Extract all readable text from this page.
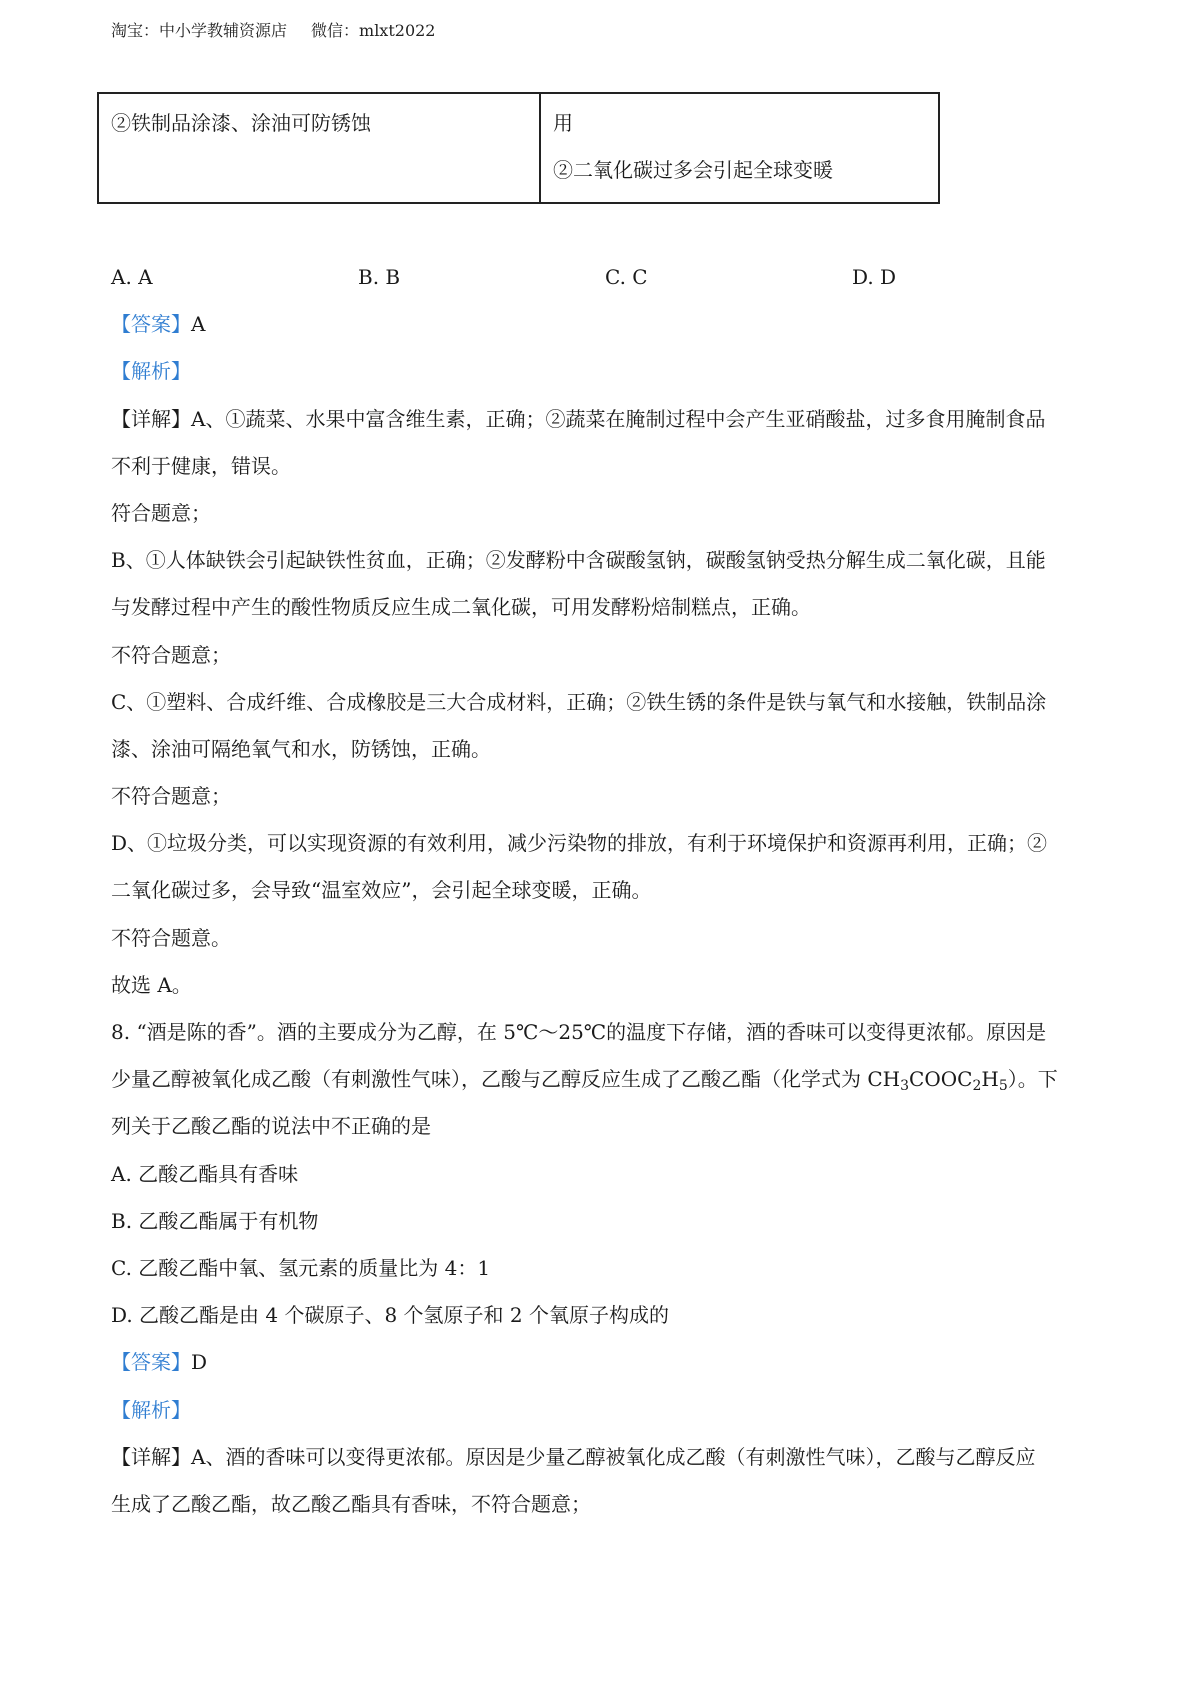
淘宝：中小学教辅资源店 微信：mlxt2022

②铁制品涂漆、涂油可防锈蚀	用

②二氧化碳过多会引起全球变暖

A. A	B. B	C. C	D. D
【答案】A
【解析】
【详解】A、①蔬菜、水果中富含维生素，正确；②蔬菜在腌制过程中会产生亚硝酸盐，过多食用腌制食品
不利于健康，错误。
符合题意；
B、①人体缺铁会引起缺铁性贫血，正确；②发酵粉中含碳酸氢钠，碳酸氢钠受热分解生成二氧化碳，且能
与发酵过程中产生的酸性物质反应生成二氧化碳，可用发酵粉焙制糕点，正确。
不符合题意；
C、①塑料、合成纤维、合成橡胶是三大合成材料，正确；②铁生锈的条件是铁与氧气和水接触，铁制品涂
漆、涂油可隔绝氧气和水，防锈蚀，正确。
不符合题意；
D、①垃圾分类，可以实现资源的有效利用，减少污染物的排放，有利于环境保护和资源再利用，正确；②
二氧化碳过多，会导致“温室效应”，会引起全球变暖，正确。
不符合题意。
故选 A。
8. “酒是陈的香”。酒的主要成分为乙醇，在 5℃～25℃的温度下存储，酒的香味可以变得更浓郁。原因是
少量乙醇被氧化成乙酸（有刺激性气味），乙酸与乙醇反应生成了乙酸乙酯（化学式为 $CH_3COOC_2H_5$）。下
列关于乙酸乙酯的说法中不正确的是
A. 乙酸乙酯具有香味
B. 乙酸乙酯属于有机物
C. 乙酸乙酯中氧、氢元素的质量比为 4：1
D. 乙酸乙酯是由 4 个碳原子、8 个氢原子和 2 个氧原子构成的
【答案】D
【解析】
【详解】A、酒的香味可以变得更浓郁。原因是少量乙醇被氧化成乙酸（有刺激性气味），乙酸与乙醇反应
生成了乙酸乙酯，故乙酸乙酯具有香味，不符合题意；
